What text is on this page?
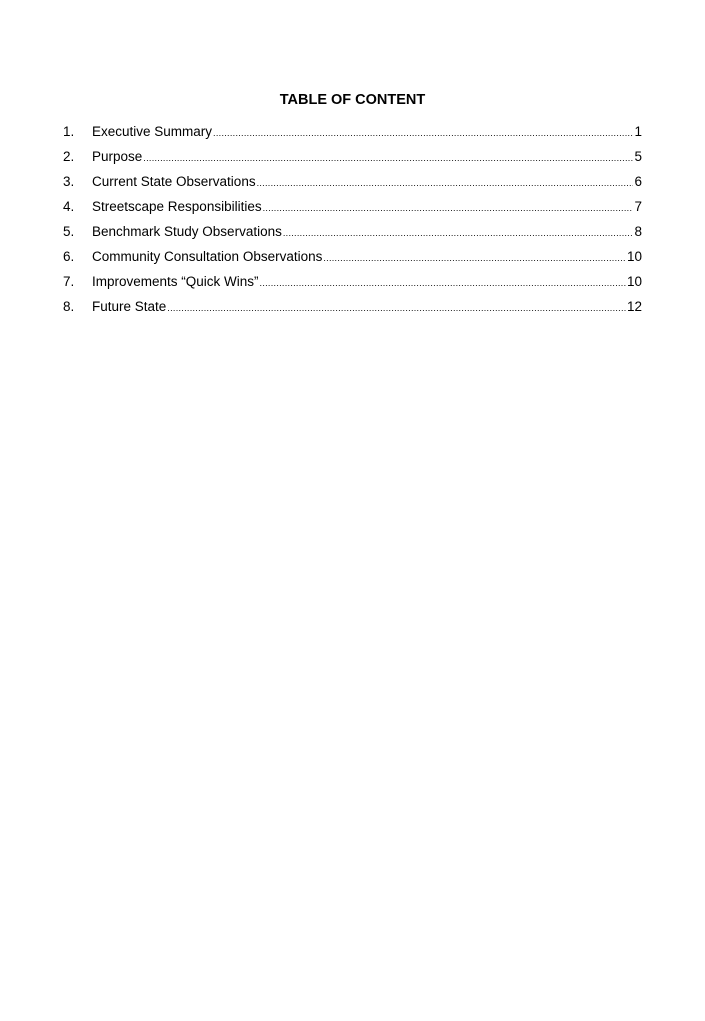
TABLE OF CONTENT
1.	Executive Summary .....	1
2.	Purpose .....	5
3.	Current State Observations .....	6
4.	Streetscape Responsibilities .....	7
5.	Benchmark Study Observations .....	8
6.	Community Consultation Observations .....	10
7.	Improvements “Quick Wins” .....	10
8.	Future State .....	12
